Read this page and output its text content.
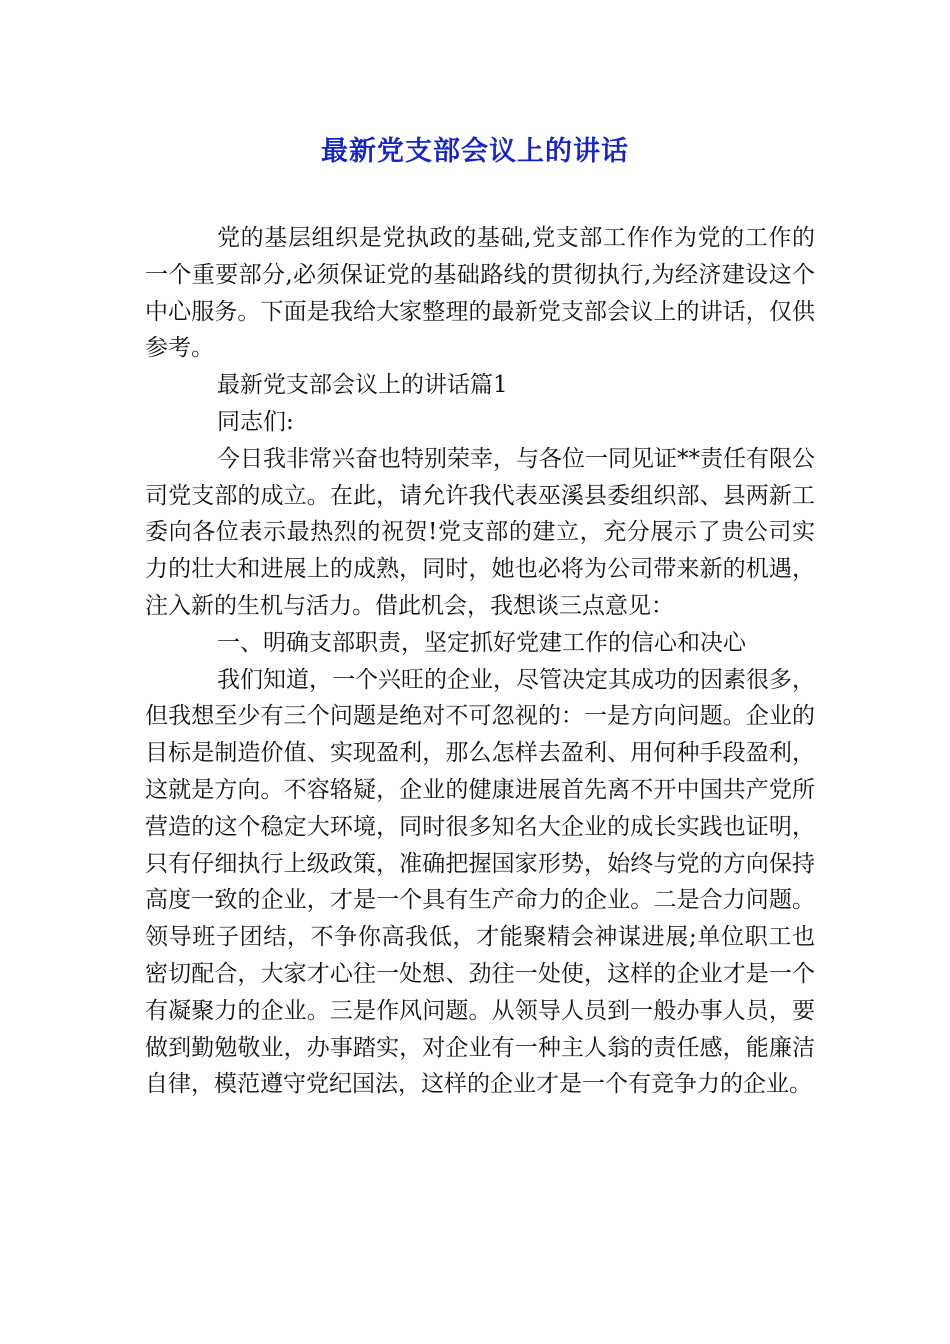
最新党支部会议上的讲话

党的基层组织是党执政的基础,党支部工作作为党的工作的一个重要部分,必须保证党的基础路线的贯彻执行,为经济建设这个中心服务。下面是我给大家整理的最新党支部会议上的讲话，仅供参考。

最新党支部会议上的讲话篇1

同志们:

今日我非常兴奋也特别荣幸，与各位一同见证**责任有限公司党支部的成立。在此，请允许我代表巫溪县委组织部、县两新工委向各位表示最热烈的祝贺!党支部的建立，充分展示了贵公司实力的壮大和进展上的成熟，同时，她也必将为公司带来新的机遇，注入新的生机与活力。借此机会，我想谈三点意见：

一、明确支部职责，坚定抓好党建工作的信心和决心

我们知道，一个兴旺的企业，尽管决定其成功的因素很多，但我想至少有三个问题是绝对不可忽视的：一是方向问题。企业的目标是制造价值、实现盈利，那么怎样去盈利、用何种手段盈利，这就是方向。不容辂疑，企业的健康进展首先离不开中国共产党所营造的这个稳定大环境，同时很多知名大企业的成长实践也证明，只有仔细执行上级政策，准确把握国家形势，始终与党的方向保持高度一致的企业，才是一个具有生产命力的企业。二是合力问题。领导班子团结，不争你高我低，才能聚精会神谋进展;单位职工也密切配合，大家才心往一处想、劲往一处使，这样的企业才是一个有凝聚力的企业。三是作风问题。从领导人员到一般办事人员，要做到勤勉敬业，办事踏实，对企业有一种主人翁的责任感，能廉洁自律，模范遵守党纪国法，这样的企业才是一个有竞争力的企业。
